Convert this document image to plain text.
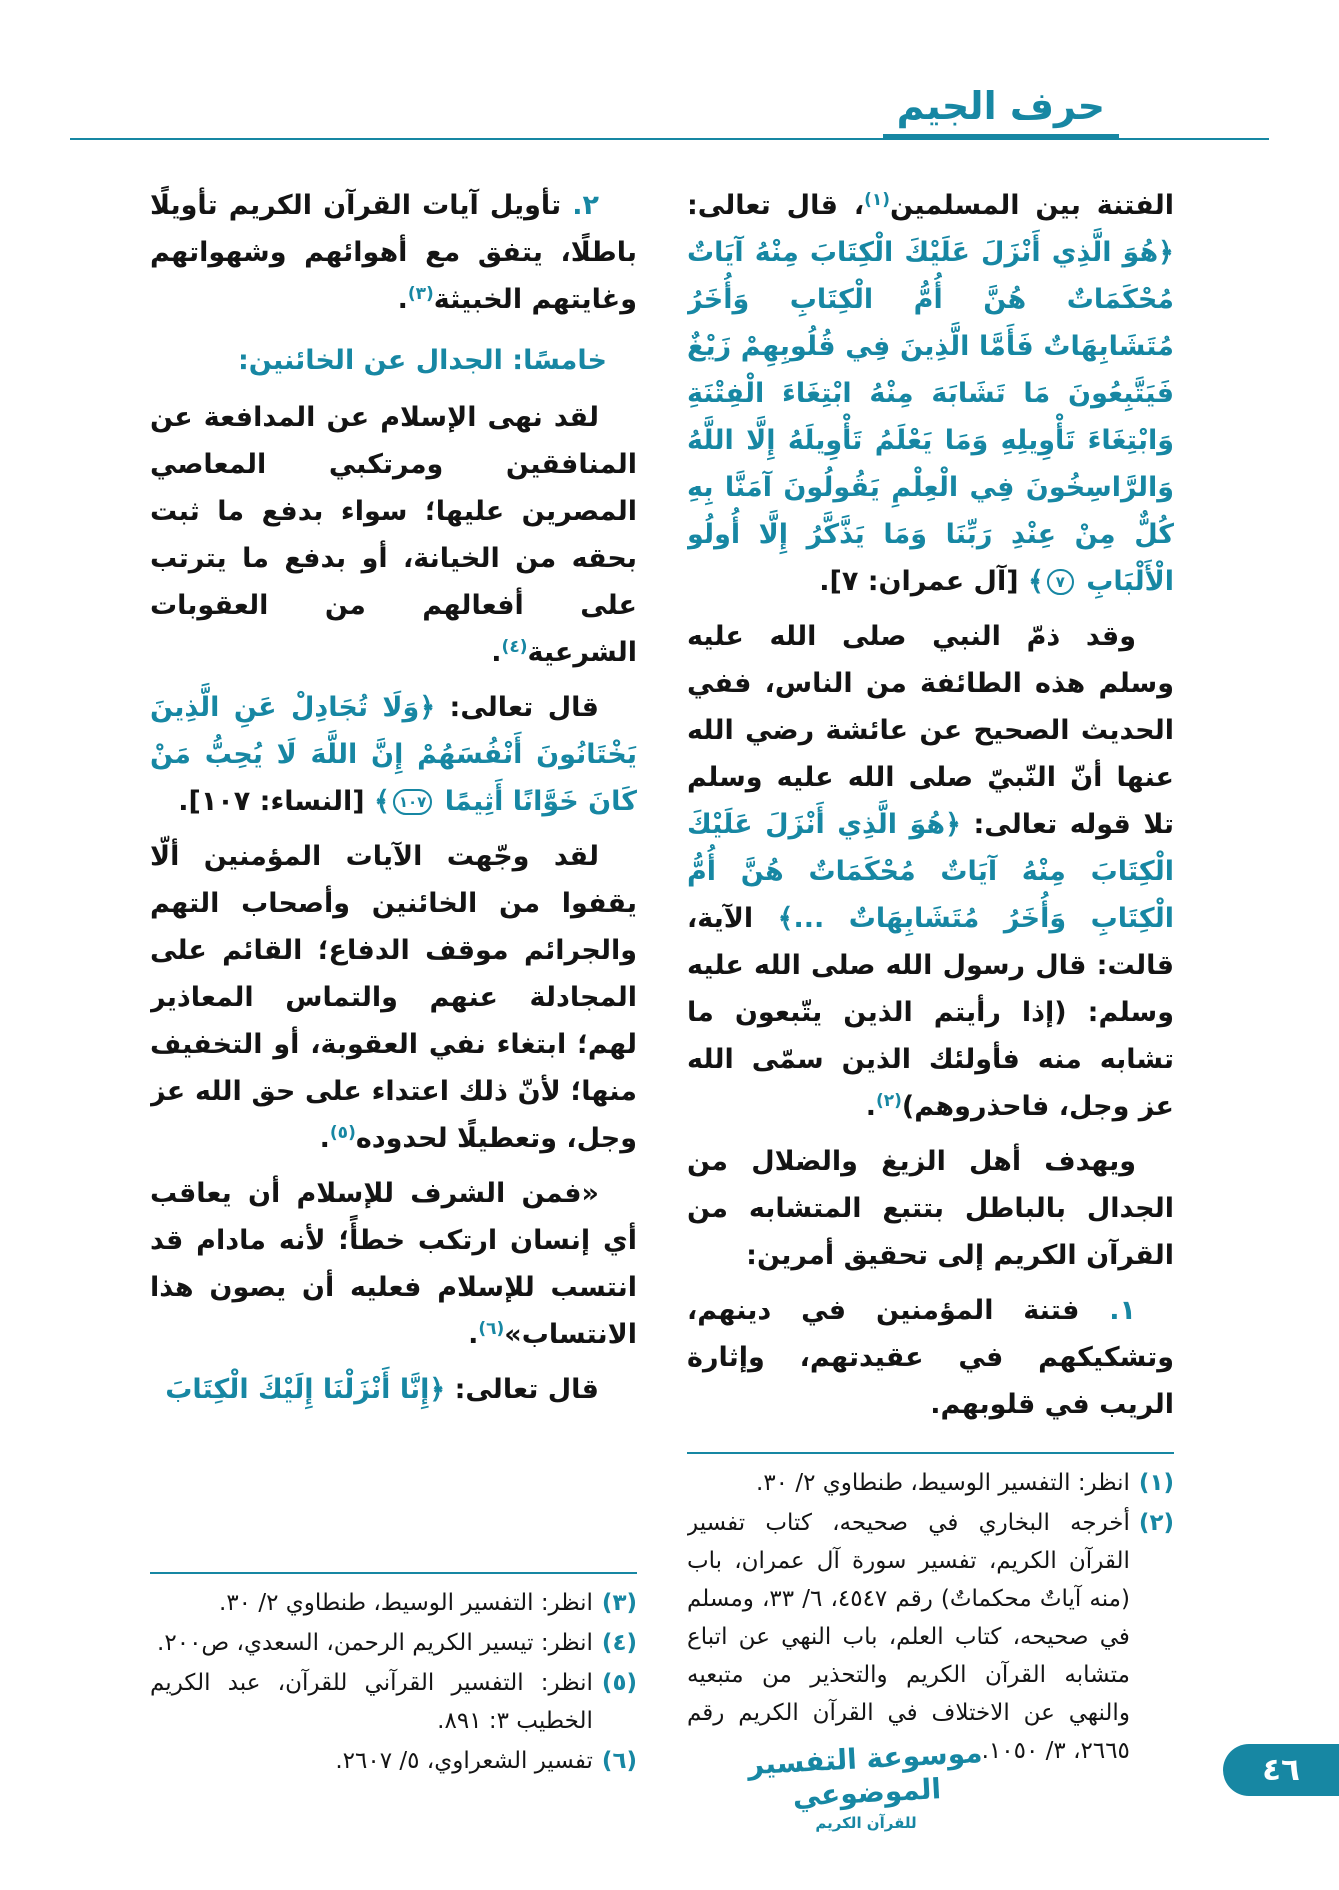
حرف الجيم

الفتنة بين المسلمين$^{(١)}$، قال تعالى: ﴿هُوَ الَّذِي أَنْزَلَ عَلَيْكَ الْكِتَابَ مِنْهُ آيَاتٌ مُحْكَمَاتٌ هُنَّ أُمُّ الْكِتَابِ وَأُخَرُ مُتَشَابِهَاتٌ فَأَمَّا الَّذِينَ فِي قُلُوبِهِمْ زَيْغٌ فَيَتَّبِعُونَ مَا تَشَابَهَ مِنْهُ ابْتِغَاءَ الْفِتْنَةِ وَابْتِغَاءَ تَأْوِيلِهِ وَمَا يَعْلَمُ تَأْوِيلَهُ إِلَّا اللَّهُ وَالرَّاسِخُونَ فِي الْعِلْمِ يَقُولُونَ آمَنَّا بِهِ كُلٌّ مِنْ عِنْدِ رَبِّنَا وَمَا يَذَّكَّرُ إِلَّا أُولُو الْأَلْبَابِ ٧﴾ [آل عمران: ٧].

وقد ذمّ النبي صلى الله عليه وسلم هذه الطائفة من الناس، ففي الحديث الصحيح عن عائشة رضي الله عنها أنّ النّبيّ صلى الله عليه وسلم تلا قوله تعالى: ﴿هُوَ الَّذِي أَنْزَلَ عَلَيْكَ الْكِتَابَ مِنْهُ آيَاتٌ مُحْكَمَاتٌ هُنَّ أُمُّ الْكِتَابِ وَأُخَرُ مُتَشَابِهَاتٌ ...﴾ الآية، قالت: قال رسول الله صلى الله عليه وسلم: (إذا رأيتم الذين يتّبعون ما تشابه منه فأولئك الذين سمّى الله عز وجل، فاحذروهم)$^{(٢)}$.

ويهدف أهل الزيغ والضلال من الجدال بالباطل بتتبع المتشابه من القرآن الكريم إلى تحقيق أمرين:

١. فتنة المؤمنين في دينهم، وتشكيكهم في عقيدتهم، وإثارة الريب في قلوبهم.

(١)
انظر: التفسير الوسيط، طنطاوي ٢/ ٣٠.
(٢)
أخرجه البخاري في صحيحه، كتاب تفسير القرآن الكريم، تفسير سورة آل عمران، باب (منه آياتٌ محكماتٌ) رقم ٤٥٤٧، ٦/ ٣٣، ومسلم في صحيحه، كتاب العلم، باب النهي عن اتباع متشابه القرآن الكريم والتحذير من متبعيه والنهي عن الاختلاف في القرآن الكريم رقم ٢٦٦٥، ٣/ ١٠٥٠.

٢. تأويل آيات القرآن الكريم تأويلًا باطلًا، يتفق مع أهوائهم وشهواتهم وغايتهم الخبيثة$^{(٣)}$.

خامسًا: الجدال عن الخائنين:

لقد نهى الإسلام عن المدافعة عن المنافقين ومرتكبي المعاصي المصرين عليها؛ سواء بدفع ما ثبت بحقه من الخيانة، أو بدفع ما يترتب على أفعالهم من العقوبات الشرعية$^{(٤)}$.

قال تعالى: ﴿وَلَا تُجَادِلْ عَنِ الَّذِينَ يَخْتَانُونَ أَنْفُسَهُمْ إِنَّ اللَّهَ لَا يُحِبُّ مَنْ كَانَ خَوَّانًا أَثِيمًا ١٠٧﴾ [النساء: ١٠٧].

لقد وجّهت الآيات المؤمنين ألّا يقفوا من الخائنين وأصحاب التهم والجرائم موقف الدفاع؛ القائم على المجادلة عنهم والتماس المعاذير لهم؛ ابتغاء نفي العقوبة، أو التخفيف منها؛ لأنّ ذلك اعتداء على حق الله عز وجل، وتعطيلًا لحدوده$^{(٥)}$.

«فمن الشرف للإسلام أن يعاقب أي إنسان ارتكب خطأً؛ لأنه مادام قد انتسب للإسلام فعليه أن يصون هذا الانتساب»$^{(٦)}$.

قال تعالى: ﴿إِنَّا أَنْزَلْنَا إِلَيْكَ الْكِتَابَ

(٣)
انظر: التفسير الوسيط، طنطاوي ٢/ ٣٠.
(٤)
انظر: تيسير الكريم الرحمن، السعدي، ص٢٠٠.
(٥)
انظر: التفسير القرآني للقرآن، عبد الكريم الخطيب ٣: ٨٩١.
(٦)
تفسير الشعراوي، ٥/ ٢٦٠٧.	موسوعة التفسير الموضوعي
للقرآن الكريم
٤٦
